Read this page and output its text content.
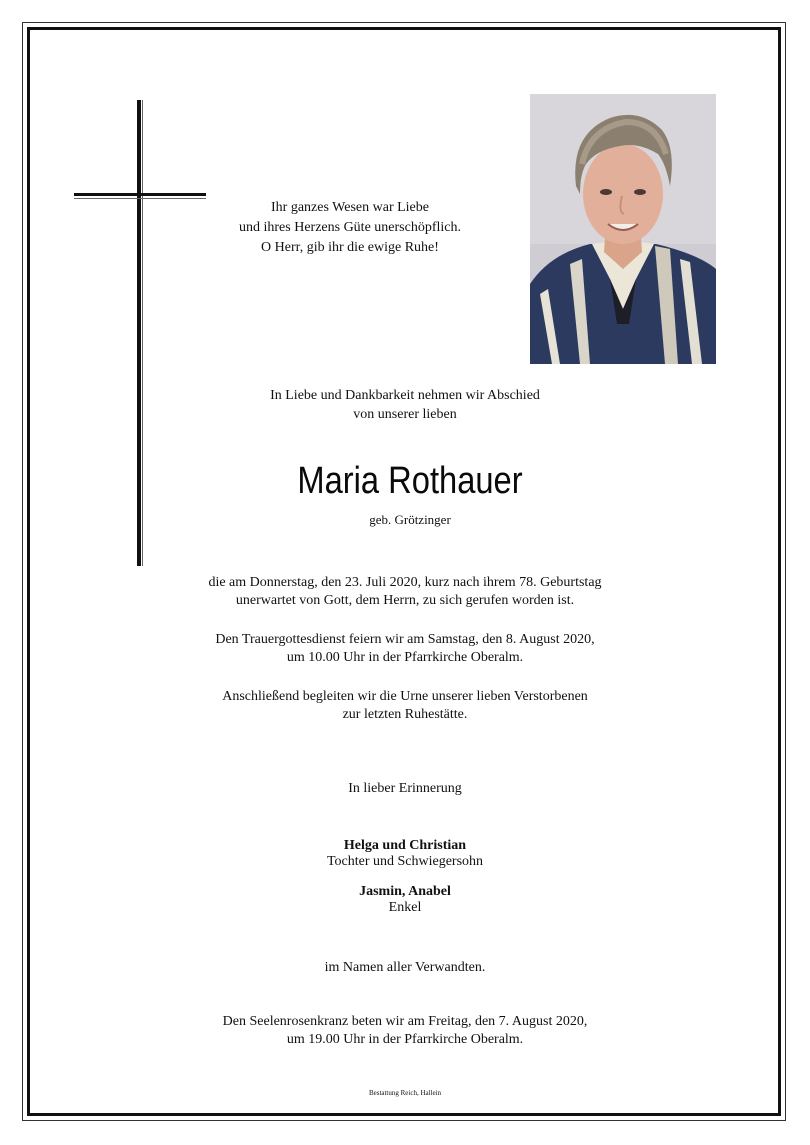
Ihr ganzes Wesen war Liebe
und ihres Herzens Güte unerschöpflich.
O Herr, gib ihr die ewige Ruhe!
In Liebe und Dankbarkeit nehmen wir Abschied
von unserer lieben
Maria Rothauer
geb. Grötzinger
die am Donnerstag, den 23. Juli 2020, kurz nach ihrem 78. Geburtstag
unerwartet von Gott, dem Herrn, zu sich gerufen worden ist.
Den Trauergottesdienst feiern wir am Samstag, den 8. August 2020,
um 10.00 Uhr in der Pfarrkirche Oberalm.
Anschließend begleiten wir die Urne unserer lieben Verstorbenen
zur letzten Ruhestätte.
In lieber Erinnerung
Helga und Christian
Tochter und Schwiegersohn
Jasmin, Anabel
Enkel
im Namen aller Verwandten.
Den Seelenrosenkranz beten wir am Freitag, den 7. August 2020,
um 19.00 Uhr in der Pfarrkirche Oberalm.
Bestattung Reich, Hallein
